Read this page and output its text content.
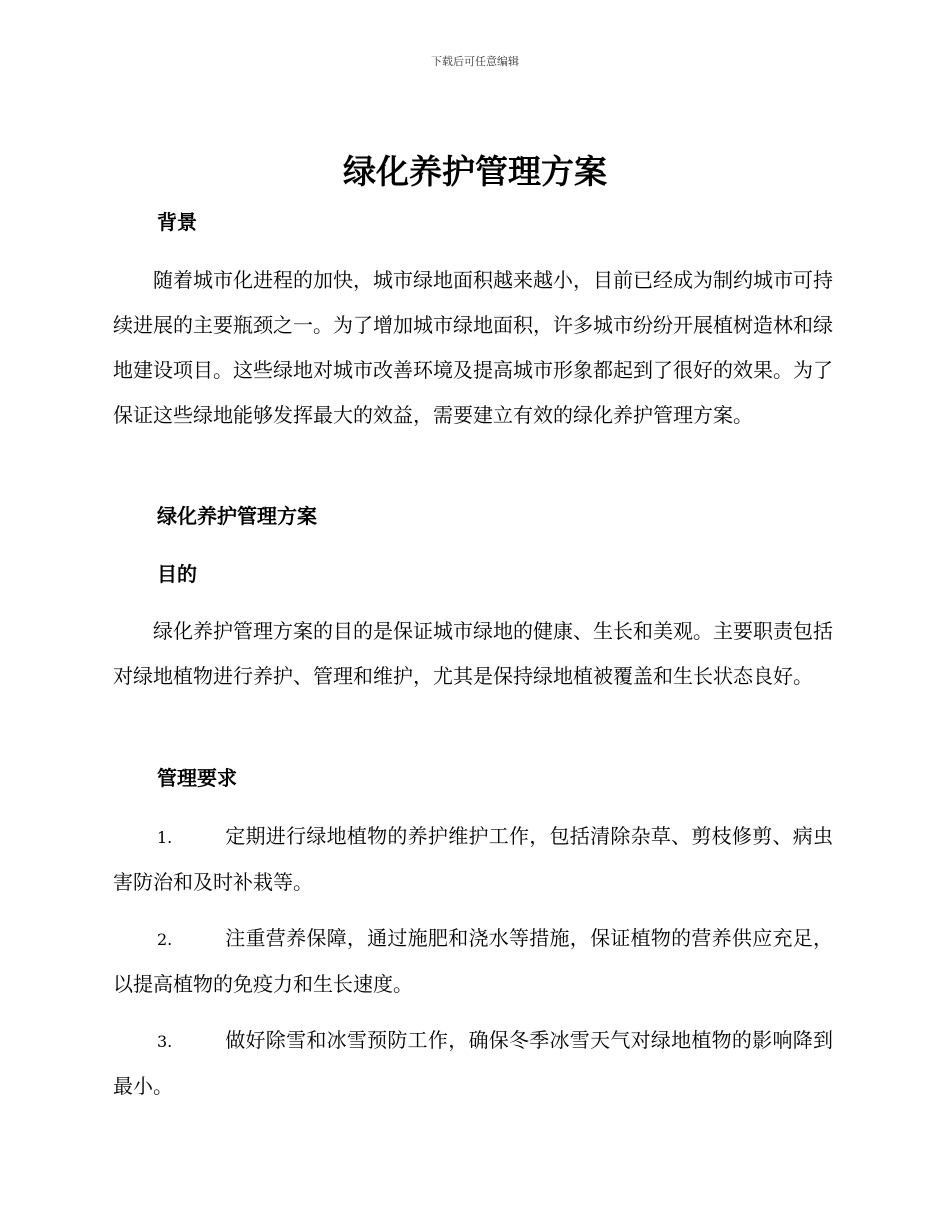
下载后可任意编辑
绿化养护管理方案
背景

随着城市化进程的加快，城市绿地面积越来越小，目前已经成为制约城市可持续进展的主要瓶颈之一。为了增加城市绿地面积，许多城市纷纷开展植树造林和绿地建设项目。这些绿地对城市改善环境及提高城市形象都起到了很好的效果。为了保证这些绿地能够发挥最大的效益，需要建立有效的绿化养护管理方案。

绿化养护管理方案
目的

绿化养护管理方案的目的是保证城市绿地的健康、生长和美观。主要职责包括对绿地植物进行养护、管理和维护，尤其是保持绿地植被覆盖和生长状态良好。

管理要求

1.	定期进行绿地植物的养护维护工作，包括清除杂草、剪枝修剪、病虫害防治和及时补栽等。

2.	注重营养保障，通过施肥和浇水等措施，保证植物的营养供应充足，以提高植物的免疫力和生长速度。

3.	做好除雪和冰雪预防工作，确保冬季冰雪天气对绿地植物的影响降到最小。
